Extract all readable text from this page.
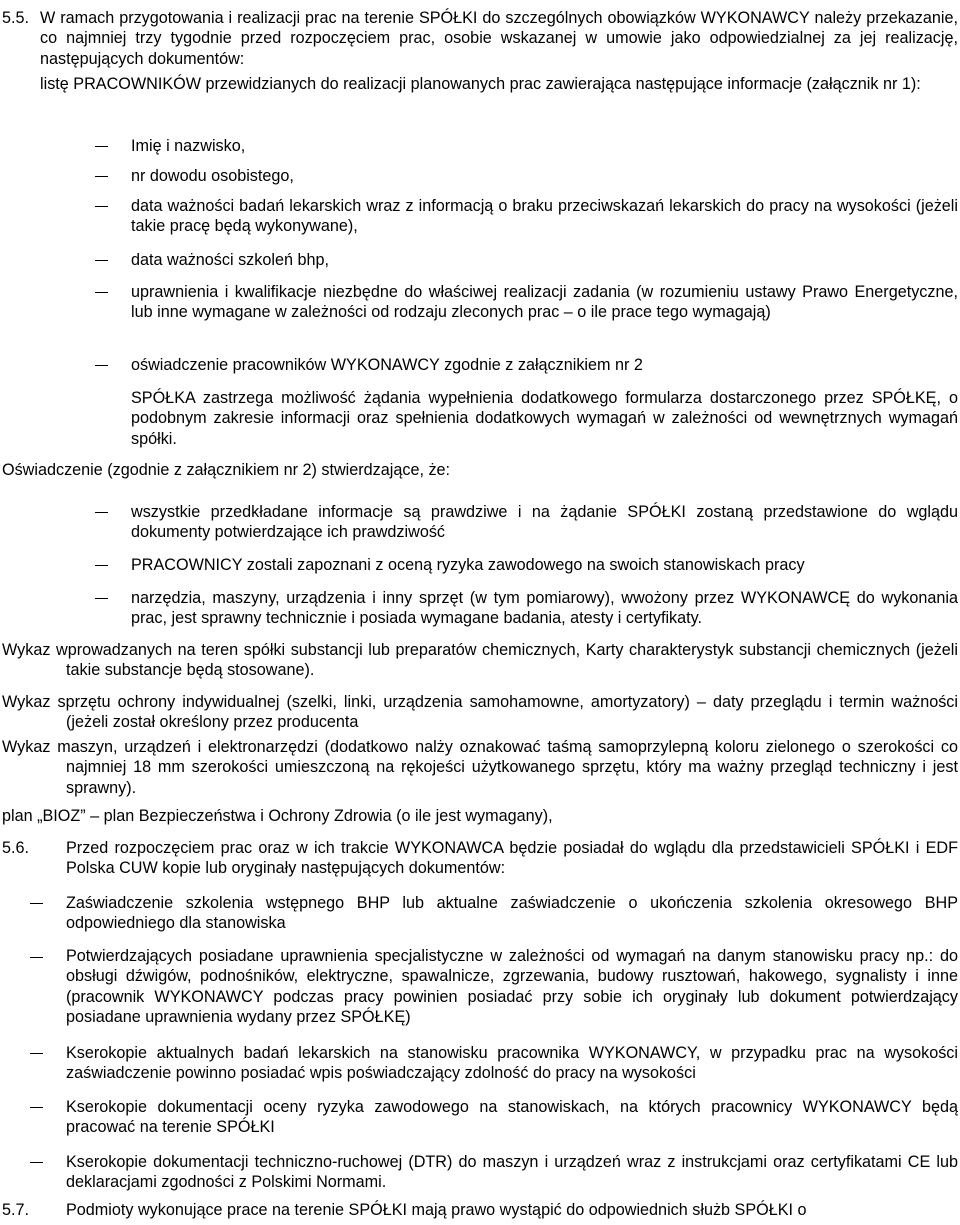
5.5. W ramach przygotowania i realizacji prac na terenie SPÓŁKI do szczególnych obowiązków WYKONAWCY należy przekazanie, co najmniej trzy tygodnie przed rozpoczęciem prac, osobie wskazanej w umowie jako odpowiedzialnej za jej realizację, następujących dokumentów:
listę PRACOWNIKÓW przewidzianych do realizacji planowanych prac zawierająca następujące informacje (załącznik nr 1):
Imię i nazwisko,
nr dowodu osobistego,
data ważności badań lekarskich wraz z informacją o braku przeciwskazań lekarskich do pracy na wysokości (jeżeli takie pracę będą wykonywane),
data ważności szkoleń bhp,
uprawnienia i kwalifikacje niezbędne do właściwej realizacji zadania (w rozumieniu ustawy Prawo Energetyczne, lub inne wymagane w zależności od rodzaju zleconych prac – o ile prace tego wymagają)
oświadczenie pracowników WYKONAWCY zgodnie z załącznikiem nr 2
SPÓŁKA zastrzega możliwość żądania wypełnienia dodatkowego formularza dostarczonego przez SPÓŁKĘ, o podobnym zakresie informacji oraz spełnienia dodatkowych wymagań w zależności od wewnętrznych wymagań spółki.
Oświadczenie (zgodnie z załącznikiem nr 2) stwierdzające, że:
wszystkie przedkładane informacje są prawdziwe i na żądanie SPÓŁKI zostaną przedstawione do wglądu dokumenty potwierdzające ich prawdziwość
PRACOWNICY zostali zapoznani z oceną ryzyka zawodowego na swoich stanowiskach pracy
narzędzia, maszyny, urządzenia i inny sprzęt (w tym pomiarowy), wwożony przez WYKONAWCĘ do wykonania prac, jest sprawny technicznie i posiada wymagane badania, atesty i certyfikaty.
Wykaz wprowadzanych na teren spółki substancji lub preparatów chemicznych, Karty charakterystyk substancji chemicznych (jeżeli takie substancje będą stosowane).
Wykaz sprzętu ochrony indywidualnej (szelki, linki, urządzenia samohamowne, amortyzatory) – daty przeglądu i termin ważności (jeżeli został określony przez producenta
Wykaz maszyn, urządzeń i elektronarzędzi (dodatkowo nalży oznakować taśmą samoprzylepną koloru zielonego o szerokości co najmniej 18 mm szerokości umieszczoną na rękojeści użytkowanego sprzętu, który ma ważny przegląd techniczny i jest sprawny).
plan „BIOZ” – plan Bezpieczeństwa i Ochrony Zdrowia (o ile jest wymagany),
5.6. Przed rozpoczęciem prac oraz w ich trakcie WYKONAWCA będzie posiadał do wglądu dla przedstawicieli SPÓŁKI i EDF Polska CUW kopie lub oryginały następujących dokumentów:
Zaświadczenie szkolenia wstępnego BHP lub aktualne zaświadczenie o ukończenia szkolenia okresowego BHP odpowiedniego dla stanowiska
Potwierdzających posiadane uprawnienia specjalistyczne w zależności od wymagań na danym stanowisku pracy np.: do obsługi dźwigów, podnośników, elektryczne, spawalnicze, zgrzewania, budowy rusztowań, hakowego, sygnalisty i inne (pracownik WYKONAWCY podczas pracy powinien posiadać przy sobie ich oryginały lub dokument potwierdzający posiadane uprawnienia wydany przez SPÓŁKĘ)
Kserokopie aktualnych badań lekarskich na stanowisku pracownika WYKONAWCY, w przypadku prac na wysokości zaświadczenie powinno posiadać wpis poświadczający zdolność do pracy na wysokości
Kserokopie dokumentacji oceny ryzyka zawodowego na stanowiskach, na których pracownicy WYKONAWCY będą pracować na terenie SPÓŁKI
Kserokopie dokumentacji techniczno-ruchowej (DTR) do maszyn i urządzeń wraz z instrukcjami oraz certyfikatami CE lub deklaracjami zgodności z Polskimi Normami.
5.7. Podmioty wykonujące prace na terenie SPÓŁKI mają prawo wystąpić do odpowiednich służb SPÓŁKI o
